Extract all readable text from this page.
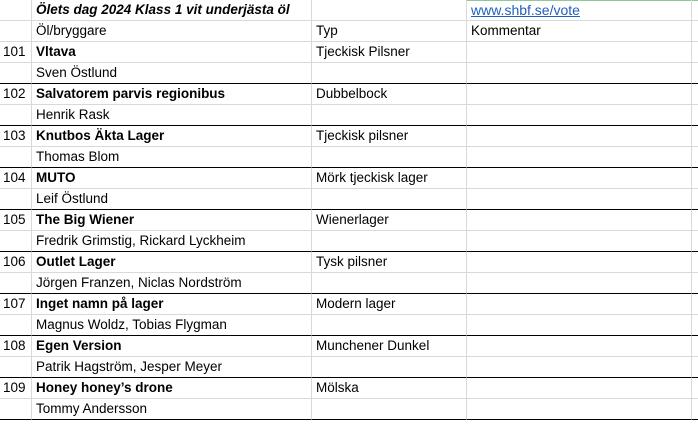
Ölets dag 2024 Klass 1 vit underjästa öl	www.shbf.se/vote
Öl/bryggare	Typ	Kommentar
101 Vltava	Tjeckisk Pilsner
Sven Östlund
102 Salvatorem parvis regionibus	Dubbelbock
Henrik Rask
103 Knutbos Äkta Lager	Tjeckisk pilsner
Thomas Blom
104 MUTO	Mörk tjeckisk lager
Leif Östlund
105 The Big Wiener	Wienerlager
Fredrik Grimstig, Rickard Lyckheim
106 Outlet Lager	Tysk pilsner
Jörgen Franzen, Niclas Nordström
107 Inget namn på lager	Modern lager
Magnus Woldz, Tobias Flygman
108 Egen Version	Munchener Dunkel
Patrik Hagström, Jesper Meyer
109 Honey honey’s drone	Mölska
Tommy Andersson
